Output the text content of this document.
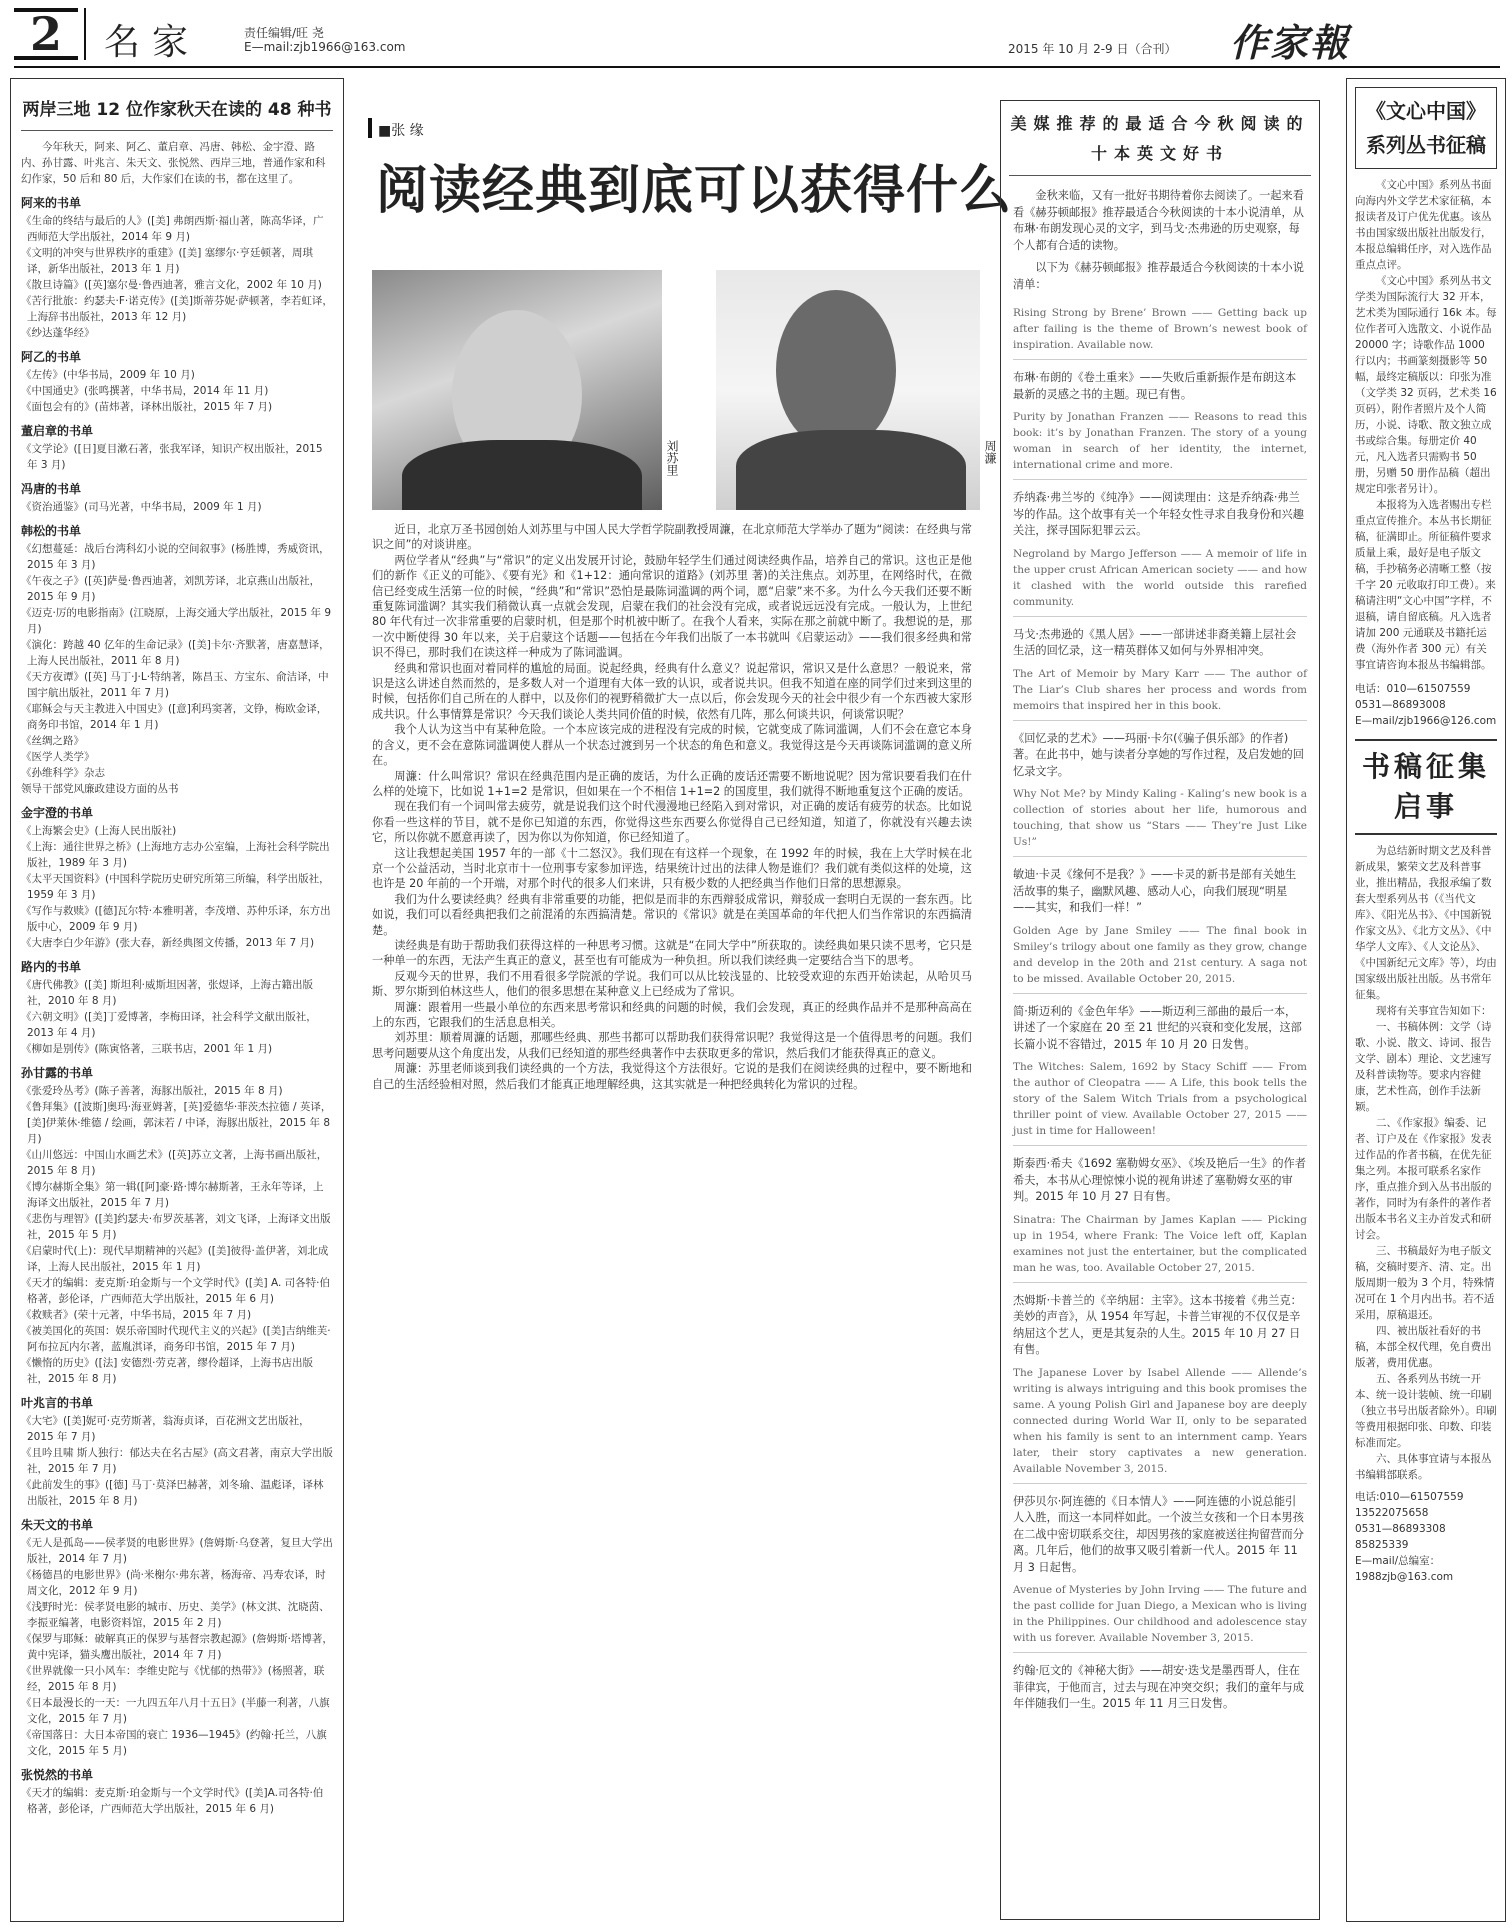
2	名家	责任编辑/旺 尧
E—mail:zjb1966@163.com	2015 年 10 月 2-9 日（合刊） 作家報
两岸三地 12 位作家秋天在读的 48 种书
今年秋天，阿来、阿乙、董启章、冯唐、韩松、金宇澄、路内、孙甘露、叶兆言、朱天文、张悦然、西岸三地，普通作家和科幻作家，50 后和 80 后，大作家们在读的书，都在这里了。
阿来的书单
《生命的终结与最后的人》([美] 弗朗西斯·福山著，陈高华译，广西师范大学出版社，2014 年 9 月)
《文明的冲突与世界秩序的重建》([美] 塞缪尔·亨廷顿著，周琪译，新华出版社，2013 年 1 月)
《散旦诗篇》([英]塞尔曼·鲁西迪著，雅言文化，2002 年 10 月)
《苦行批旅：约瑟夫·F·诺克传》([美]斯蒂芬妮·萨顿著，李若虹译，上海辞书出版社，2013 年 12 月)
《纱达蓬华经》
阿乙的书单
《左传》(中华书局，2009 年 10 月)
《中国通史》(张鸣撰著，中华书局，2014 年 11 月)
《面包会有的》(苗炜著，译林出版社，2015 年 7 月)
董启章的书单
《文学论》([日]夏目漱石著，张我军译，知识产权出版社，2015 年 3 月)
冯唐的书单
《资治通鉴》(司马光著，中华书局，2009 年 1 月)
韩松的书单
《幻想蔓延：战后台湾科幻小说的空间叙事》(杨胜博，秀威资讯，2015 年 3 月)
《午夜之子》([英]萨曼·鲁西迪著，刘凯芳译，北京燕山出版社，2015 年 9 月)
《迈克·厉的电影指南》(江晓原，上海交通大学出版社，2015 年 9 月)
《演化：跨越 40 亿年的生命记录》([美]卡尔·齐默著，唐嘉慧译，上海人民出版社，2011 年 8 月)
《天方夜谭》([英] 马丁·J·L·特纳著，陈昌玉、方宝东、俞洁译，中国宇航出版社，2011 年 7 月)
《耶稣会与天主教进入中国史》([意]利玛窦著，文铮，梅欧金译，商务印书馆，2014 年 1 月)
《丝绸之路》
《医学人类学》
《孙维科学》杂志
领导干部党风廉政建设方面的丛书
金宇澄的书单
《上海繁会史》(上海人民出版社)
《上海：通往世界之桥》(上海地方志办公室编，上海社会科学院出版社，1989 年 3 月)
《太平天国资料》(中国科学院历史研究所第三所编，科学出版社，1959 年 3 月)
《写作与救赎》([德]瓦尔特·本雅明著，李茂增、苏仲乐译，东方出版中心，2009 年 9 月)
《大唐李白少年游》(张大春，新经典图文传播，2013 年 7 月)
路内的书单
《唐代佛教》([美] 斯坦利·威斯坦因著，张煜译，上海古籍出版社，2010 年 8 月)
《六朝文明》([美]丁爱博著，李梅田译，社会科学文献出版社，2013 年 4 月)
《柳如是别传》(陈寅恪著，三联书店，2001 年 1 月)
孙甘露的书单
《张爱玲丛考》(陈子善著，海豚出版社，2015 年 8 月)
《鲁拜集》([波斯]奥玛·海亚姆著，[英]爱德华·菲茨杰拉德 / 英译，[美]伊莱休·维德 / 绘画，郭沫若 / 中译，海豚出版社，2015 年 8 月)
《山川悠远：中国山水画艺术》([英]苏立文著，上海书画出版社，2015 年 8 月)
《博尔赫斯全集》第一辑([阿]豪·路·博尔赫斯著，王永年等译，上海译文出版社，2015 年 7 月)
《悲伤与理智》([美]约瑟夫·布罗茨基著，刘文飞译，上海译文出版社，2015 年 5 月)
《启蒙时代(上)：现代早期精神的兴起》([美]彼得·盖伊著，刘北成译，上海人民出版社，2015 年 1 月)
《天才的编辑：麦克斯·珀金斯与一个文学时代》([美] A. 司各特·伯格著，彭伦译，广西师范大学出版社，2015 年 6 月)
《救赎者》(荣十元著，中华书局，2015 年 7 月)
《被美国化的英国：娱乐帝国时代现代主义的兴起》([美]吉纳维芙·阿布拉瓦内尔著，蓝胤淇译，商务印书馆，2015 年 7 月)
《懒惰的历史》([法] 安德烈·劳克著，缪伶超译，上海书店出版社，2015 年 8 月)
叶兆言的书单
《大宅》([美]妮可·克劳斯著，翁海贞译，百花洲文艺出版社，2015 年 7 月)
《且吟且啸 斯人独行：郁达夫在名古屋》(高文君著，南京大学出版社，2015 年 7 月)
《此前发生的事》([德] 马丁·莫泽巴赫著，刘冬瑜、温彪译，译林出版社，2015 年 8 月)
朱天文的书单
《无人是孤岛——侯孝贤的电影世界》(詹姆斯·乌登著，复旦大学出版社，2014 年 7 月)
《杨德昌的电影世界》(尚·米榭尔·弗东著，杨海帝、冯寿农译，时周文化，2012 年 9 月)
《浅野时光：侯孝贤电影的城市、历史、美学》(林文淇、沈晓茵、李振亚编著，电影资料馆，2015 年 2 月)
《保罗与耶稣：破解真正的保罗与基督宗教起源》(詹姆斯·塔博著，黄中宪译，猫头鹰出版社，2014 年 7 月)
《世界就像一只小风车：李维史陀与《忧郁的热带》》(杨照著，联经，2015 年 8 月)
《日本最漫长的一天：一九四五年八月十五日》(半藤一利著，八旗文化，2015 年 7 月)
《帝国落日：大日本帝国的衰亡 1936—1945》(约翰·托兰，八旗文化，2015 年 5 月)
张悦然的书单
《天才的编辑：麦克斯·珀金斯与一个文学时代》([美]A.司各特·伯格著，彭伦译，广西师范大学出版社，2015 年 6 月)
■张 缘
阅读经典到底可以获得什么
刘苏里	周濂

近日，北京万圣书园创始人刘苏里与中国人民大学哲学院副教授周濂，在北京师范大学举办了题为“阅读：在经典与常识之间”的对谈讲座。

两位学者从“经典”与“常识”的定义出发展开讨论，鼓励年轻学生们通过阅读经典作品，培养自己的常识。这也正是他们的新作《正义的可能》、《要有光》和《1+12：通向常识的道路》(刘苏里 著)的关注焦点。刘苏里，在网络时代，在微信已经变成生活第一位的时候，“经典”和“常识”恐怕是最陈词滥调的两个词，愿“启蒙”来不多。为什么今天我们还要不断重复陈词滥调？其实我们稍微认真一点就会发现，启蒙在我们的社会没有完成，或者说远远没有完成。一般认为，上世纪 80 年代有过一次非常重要的启蒙时机，但是那个时机被中断了。在我个人看来，实际在那之前就中断了。我想说的是，那一次中断使得 30 年以来，关于启蒙这个话题——包括在今年我们出版了一本书就叫《启蒙运动》——我们很多经典和常识不得已，那时我们在读这样一种成为了陈词滥调。

经典和常识也面对着同样的尴尬的局面。说起经典，经典有什么意义？说起常识，常识又是什么意思？一般说来，常识是这么讲述自然而然的，是多数人对一个道理有大体一致的认识，或者说共识。但我不知道在座的同学们过来到这里的时候，包括你们自己所在的人群中，以及你们的视野稍微扩大一点以后，你会发现今天的社会中很少有一个东西被大家形成共识。什么事情算是常识？今天我们谈论人类共同价值的时候，依然有几阵，那么何谈共识，何谈常识呢？

我个人认为这当中有某种危险。一个本应该完成的进程没有完成的时候，它就变成了陈词滥调，人们不会在意它本身的含义，更不会在意陈词滥调使人群从一个状态过渡到另一个状态的角色和意义。我觉得这是今天再谈陈词滥调的意义所在。

周濂：什么叫常识？常识在经典范围内是正确的废话，为什么正确的废话还需要不断地说呢？因为常识要看我们在什么样的处境下，比如说 1+1=2 是常识，但如果在一个不相信 1+1=2 的国度里，我们就得不断地重复这个正确的废话。

现在我们有一个词叫常去疲劳，就是说我们这个时代漫漫地已经陷入到对常识，对正确的废话有疲劳的状态。比如说你看一些这样的节目，就不是你已知道的东西，你觉得这些东西要么你觉得自己已经知道，知道了，你就没有兴趣去读它，所以你就不愿意再读了，因为你以为你知道，你已经知道了。

这让我想起美国 1957 年的一部《十二怒汉》。我们现在有这样一个现象，在 1992 年的时候，我在上大学时候在北京一个公益活动，当时北京市十一位刑事专家参加评选，结果统计过出的法律人物是谁们？我们就有类似这样的处境，这也许是 20 年前的一个开端，对那个时代的很多人们来讲，只有极少数的人把经典当作他们日常的思想源泉。

我们为什么要读经典？经典有非常重要的功能，把似是而非的东西辩驳成常识，辩驳成一套明白无误的一套东西。比如说，我们可以看经典把我们之前混淆的东西搞清楚。常识的《常识》就是在美国革命的年代把人们当作常识的东西搞清楚。

读经典是有助于帮助我们获得这样的一种思考习惯。这就是“在同大学中”所获取的。读经典如果只读不思考，它只是一种单一的东西，无法产生真正的意义，甚至也有可能成为一种负担。所以我们读经典一定要结合当下的思考。

反观今天的世界，我们不用看很多学院派的学说。我们可以从比较浅显的、比较受欢迎的东西开始读起，从哈贝马斯、罗尔斯到伯林这些人，他们的很多思想在某种意义上已经成为了常识。

周濂：跟着用一些最小单位的东西来思考常识和经典的问题的时候，我们会发现，真正的经典作品并不是那种高高在上的东西，它跟我们的生活息息相关。

刘苏里：顺着周濂的话题，那哪些经典、那些书都可以帮助我们获得常识呢？我觉得这是一个值得思考的问题。我们思考问题要从这个角度出发，从我们已经知道的那些经典著作中去获取更多的常识，然后我们才能获得真正的意义。

周濂：苏里老师谈到我们读经典的一个方法，我觉得这个方法很好。它说的是我们在阅读经典的过程中，要不断地和自己的生活经验相对照，然后我们才能真正地理解经典，这其实就是一种把经典转化为常识的过程。

美媒推荐的最适合今秋阅读的十本英文好书
金秋来临，又有一批好书期待着你去阅读了。一起来看看《赫芬顿邮报》推荐最适合今秋阅读的十本小说清单，从布琳·布朗发现心灵的文字，到马戈·杰弗逊的历史观察，每个人都有合适的读物。
以下为《赫芬顿邮报》推荐最适合今秋阅读的十本小说清单：
Rising Strong by Brene’ Brown —— Getting back up after failing is the theme of Brown’s newest book of inspiration. Available now.
布琳·布朗的《卷土重来》——失败后重新振作是布朗这本最新的灵感之书的主题。现已有售。
Purity by Jonathan Franzen —— Reasons to read this book: it’s by Jonathan Franzen. The story of a young woman in search of her identity, the internet, international crime and more.
乔纳森·弗兰岑的《纯净》——阅读理由：这是乔纳森·弗兰岑的作品。这个故事有关一个年轻女性寻求自我身份和兴趣关注，探寻国际犯罪云云。
Negroland by Margo Jefferson —— A memoir of life in the upper crust African American society —— and how it clashed with the world outside this rarefied community.
马戈·杰弗逊的《黑人居》——一部讲述非裔美籍上层社会生活的回忆录，这一精英群体又如何与外界相冲突。
The Art of Memoir by Mary Karr —— The author of The Liar’s Club shares her process and words from memoirs that inspired her in this book.
《回忆录的艺术》——玛丽·卡尔(《骗子俱乐部》的作者)著。在此书中，她与读者分享她的写作过程，及启发她的回忆录文字。
Why Not Me? by Mindy Kaling - Kaling’s new book is a collection of stories about her life, humorous and touching, that show us “Stars —— They’re Just Like Us!”
敏迪·卡灵《缘何不是我？》——卡灵的新书是部有关她生活故事的集子，幽默风趣、感动人心，向我们展现“明星——其实，和我们一样！”
Golden Age by Jane Smiley —— The final book in Smiley’s trilogy about one family as they grow, change and develop in the 20th and 21st century. A saga not to be missed. Available October 20, 2015.
简·斯迈利的《金色年华》——斯迈利三部曲的最后一本，讲述了一个家庭在 20 至 21 世纪的兴衰和变化发展，这部长篇小说不容错过，2015 年 10 月 20 日发售。
The Witches: Salem, 1692 by Stacy Schiff —— From the author of Cleopatra —— A Life, this book tells the story of the Salem Witch Trials from a psychological thriller point of view. Available October 27, 2015 —— just in time for Halloween!
斯泰西·希夫《1692 塞勒姆女巫》、《埃及艳后一生》的作者希夫，本书从心理惊悚小说的视角讲述了塞勒姆女巫的审判。2015 年 10 月 27 日有售。
Sinatra: The Chairman by James Kaplan —— Picking up in 1954, where Frank: The Voice left off, Kaplan examines not just the entertainer, but the complicated man he was, too. Available October 27, 2015.
杰姆斯·卡普兰的《辛纳屈：主宰》。这本书接着《弗兰克：美妙的声音》，从 1954 年写起，卡普兰审视的不仅仅是辛纳屈这个艺人，更是其复杂的人生。2015 年 10 月 27 日有售。
The Japanese Lover by Isabel Allende —— Allende’s writing is always intriguing and this book promises the same. A young Polish Girl and Japanese boy are deeply connected during World War II, only to be separated when his family is sent to an internment camp. Years later, their story captivates a new generation. Available November 3, 2015.
伊莎贝尔·阿连德的《日本情人》——阿连德的小说总能引人入胜，而这一本同样如此。一个波兰女孩和一个日本男孩在二战中密切联系交往，却因男孩的家庭被送往拘留营而分离。几年后，他们的故事又吸引着新一代人。2015 年 11 月 3 日起售。
Avenue of Mysteries by John Irving —— The future and the past collide for Juan Diego, a Mexican who is living in the Philippines. Our childhood and adolescence stay with us forever. Available November 3, 2015.
约翰·厄文的《神秘大街》——胡安·迭戈是墨西哥人，住在菲律宾，于他而言，过去与现在冲突交织；我们的童年与成年伴随我们一生。2015 年 11 月三日发售。
《文心中国》系列丛书征稿
《文心中国》系列丛书面向海内外文学艺术家征稿，本报读者及订户优先优惠。该丛书由国家级出版社出版发行，本报总编辑任序，对入选作品重点点评。
《文心中国》系列丛书文学类为国际流行大 32 开本，艺术类为国际通行 16k 本。每位作者可入选散文、小说作品 20000 字；诗歌作品 1000 行以内；书画篆刻摄影等 50 幅，最终定稿版以：印张为准（文学类 32 页码，艺术类 16 页码），附作者照片及个人简历，小说、诗歌、散文独立成书或综合集。每册定价 40 元，凡入选者只需购书 50 册，另赠 50 册作品稿（超出规定印张者另计）。
本报将为入选者赐出专栏重点宣传推介。本丛书长期征稿，征满即止。所征稿件要求质量上乘，最好是电子版文稿，手抄稿务必清晰工整（按千字 20 元收取打印工费）。来稿请注明“文心中国”字样，不退稿，请自留底稿。凡入选者请加 200 元通联及书籍托运费（海外作者 300 元）有关事宜请咨询本报丛书编辑部。
电话：010—61507559
0531—86893008
E—mail/zjb1966@126.com
书稿征集启事
为总结新时期文艺及科普新成果，繁荣文艺及科普事业，推出精品，我报承编了数套大型系列丛书（《当代文库》、《阳光丛书》、《中国新锐作家文丛》、《北方文丛》、《中华学人文库》、《人文论丛》、《中国新纪元文库》等），均由国家级出版社出版。丛书常年征集。
现将有关事宜告知如下：
一、书稿体例：文学（诗歌、小说、散文、诗词、报告文学、剧本）理论、文艺速写及科普读物等。要求内容健康，艺术性高，创作手法新颖。
二、《作家报》编委、记者、订户及在《作家报》发表过作品的作者书稿，在优先征集之列。本报可联系名家作序，重点推介到入丛书出版的著作，同时为有条件的著作者出版本书名义主办首发式和研讨会。
三、书稿最好为电子版文稿，交稿时要齐、清、定。出版周期一般为 3 个月，特殊情况可在 1 个月内出书。若不适采用，原稿退还。
四、被出版社看好的书稿，本部全权代理，免自费出版著，费用优惠。
五、各系列丛书统一开本、统一设计装帧、统一印刷（独立书号出版者除外）。印刷等费用根据印张、印数、印装标准而定。
六、具体事宜请与本报丛书编辑部联系。
电话:010—61507559
13522075658
0531—86893308
85825339
E—mail/总编室：
1988zjb@163.com
